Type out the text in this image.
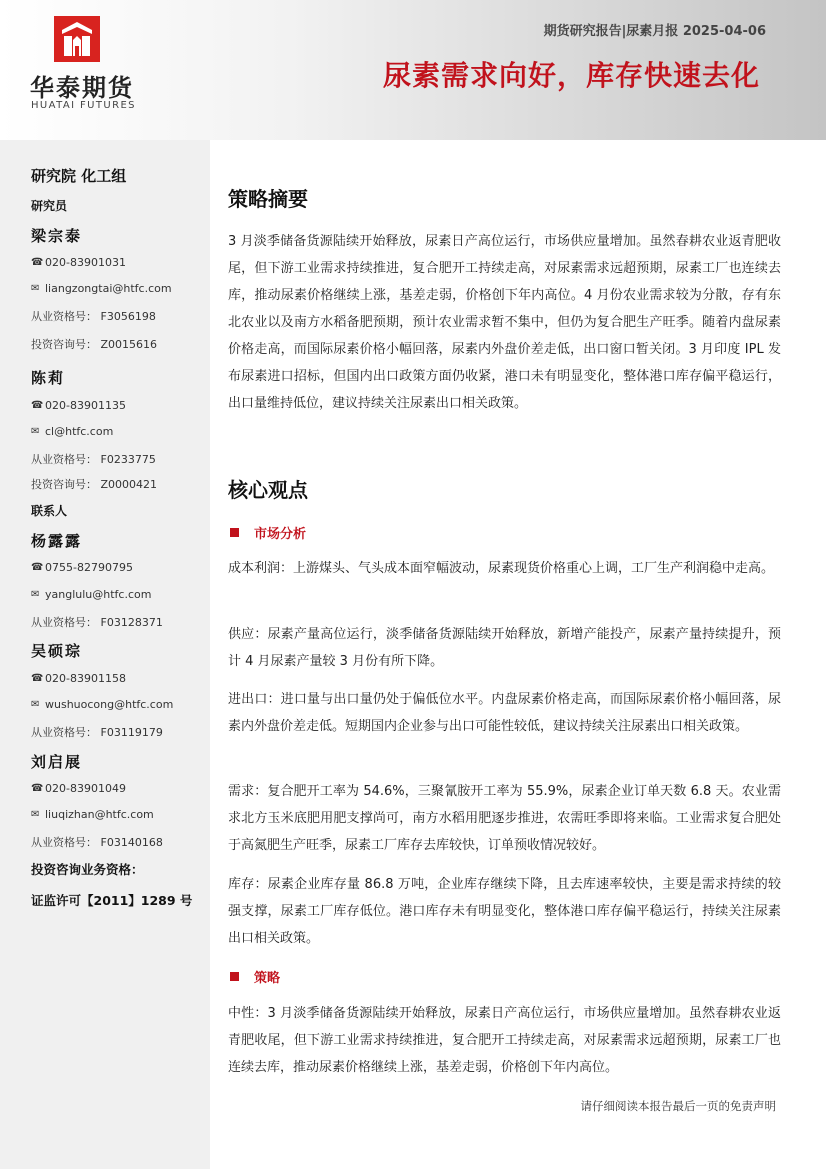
华泰期货
HUATAI FUTURES
期货研究报告|尿素月报 2025-04-06
尿素需求向好，库存快速去化
研究院 化工组
研究员
梁宗泰
☎ 020-83901031
✉ liangzongtai@htfc.com
从业资格号： F3056198
投资咨询号： Z0015616
陈莉
☎ 020-83901135
✉ cl@htfc.com
从业资格号： F0233775
投资咨询号： Z0000421
联系人
杨露露
☎ 0755-82790795
✉ yanglulu@htfc.com
从业资格号： F03128371
吴硕琮
☎ 020-83901158
✉ wushuocong@htfc.com
从业资格号： F03119179
刘启展
☎ 020-83901049
✉ liuqizhan@htfc.com
从业资格号： F03140168
投资咨询业务资格：
证监许可【2011】1289 号
策略摘要
3 月淡季储备货源陆续开始释放，尿素日产高位运行，市场供应量增加。虽然春耕农业返青肥收尾，但下游工业需求持续推进，复合肥开工持续走高，对尿素需求远超预期，尿素工厂也连续去库，推动尿素价格继续上涨，基差走弱，价格创下年内高位。4 月份农业需求较为分散，存有东北农业以及南方水稻备肥预期，预计农业需求暂不集中，但仍为复合肥生产旺季。随着内盘尿素价格走高，而国际尿素价格小幅回落，尿素内外盘价差走低，出口窗口暂关闭。3 月印度 IPL 发布尿素进口招标，但国内出口政策方面仍收紧，港口未有明显变化，整体港口库存偏平稳运行，出口量维持低位，建议持续关注尿素出口相关政策。
核心观点
市场分析
成本利润：上游煤头、气头成本面窄幅波动，尿素现货价格重心上调，工厂生产利润稳中走高。
供应：尿素产量高位运行，淡季储备货源陆续开始释放，新增产能投产，尿素产量持续提升，预计 4 月尿素产量较 3 月份有所下降。
进出口：进口量与出口量仍处于偏低位水平。内盘尿素价格走高，而国际尿素价格小幅回落，尿素内外盘价差走低。短期国内企业参与出口可能性较低，建议持续关注尿素出口相关政策。
需求：复合肥开工率为 54.6%，三聚氰胺开工率为 55.9%，尿素企业订单天数 6.8 天。农业需求北方玉米底肥用肥支撑尚可，南方水稻用肥逐步推进，农需旺季即将来临。工业需求复合肥处于高氮肥生产旺季，尿素工厂库存去库较快，订单预收情况较好。
库存：尿素企业库存量 86.8 万吨，企业库存继续下降，且去库速率较快，主要是需求持续的较强支撑，尿素工厂库存低位。港口库存未有明显变化，整体港口库存偏平稳运行，持续关注尿素出口相关政策。
策略
中性：3 月淡季储备货源陆续开始释放，尿素日产高位运行，市场供应量增加。虽然春耕农业返青肥收尾，但下游工业需求持续推进，复合肥开工持续走高，对尿素需求远超预期，尿素工厂也连续去库，推动尿素价格继续上涨，基差走弱，价格创下年内高位。
请仔细阅读本报告最后一页的免责声明
